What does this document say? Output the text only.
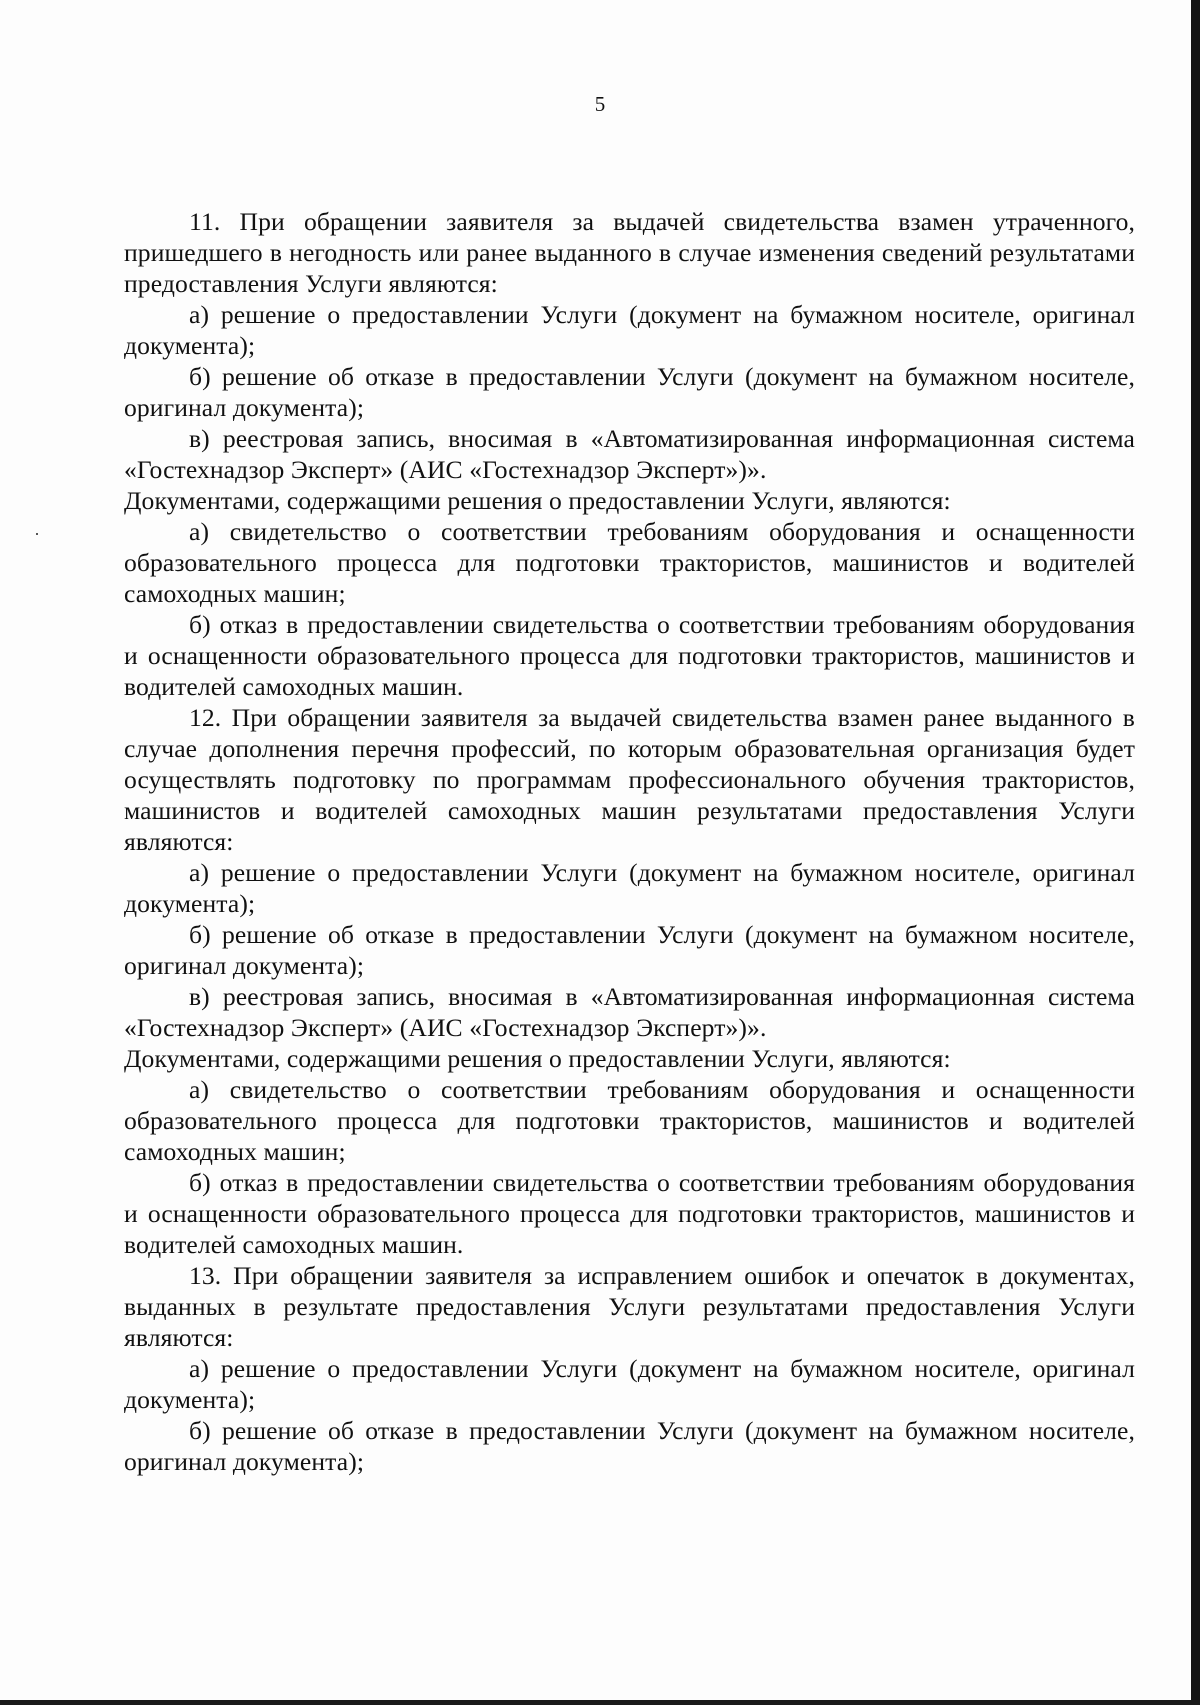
5

11. При обращении заявителя за выдачей свидетельства взамен утраченного, пришедшего в негодность или ранее выданного в случае изменения сведений результатами предоставления Услуги являются:

а) решение о предоставлении Услуги (документ на бумажном носителе, оригинал документа);

б) решение об отказе в предоставлении Услуги (документ на бумажном носителе, оригинал документа);

в) реестровая запись, вносимая в «Автоматизированная информационная система «Гостехнадзор Эксперт» (АИС «Гостехнадзор Эксперт»)».

Документами, содержащими решения о предоставлении Услуги, являются:

а) свидетельство о соответствии требованиям оборудования и оснащенности образовательного процесса для подготовки трактористов, машинистов и водителей самоходных машин;

б) отказ в предоставлении свидетельства о соответствии требованиям оборудования и оснащенности образовательного процесса для подготовки трактористов, машинистов и водителей самоходных машин.

12. При обращении заявителя за выдачей свидетельства взамен ранее выданного в случае дополнения перечня профессий, по которым образовательная организация будет осуществлять подготовку по программам профессионального обучения трактористов, машинистов и водителей самоходных машин результатами предоставления Услуги являются:

а) решение о предоставлении Услуги (документ на бумажном носителе, оригинал документа);

б) решение об отказе в предоставлении Услуги (документ на бумажном носителе, оригинал документа);

в) реестровая запись, вносимая в «Автоматизированная информационная система «Гостехнадзор Эксперт» (АИС «Гостехнадзор Эксперт»)».

Документами, содержащими решения о предоставлении Услуги, являются:

а) свидетельство о соответствии требованиям оборудования и оснащенности образовательного процесса для подготовки трактористов, машинистов и водителей самоходных машин;

б) отказ в предоставлении свидетельства о соответствии требованиям оборудования и оснащенности образовательного процесса для подготовки трактористов, машинистов и водителей самоходных машин.

13. При обращении заявителя за исправлением ошибок и опечаток в документах, выданных в результате предоставления Услуги результатами предоставления Услуги являются:

а) решение о предоставлении Услуги (документ на бумажном носителе, оригинал документа);

б) решение об отказе в предоставлении Услуги (документ на бумажном носителе, оригинал документа);
